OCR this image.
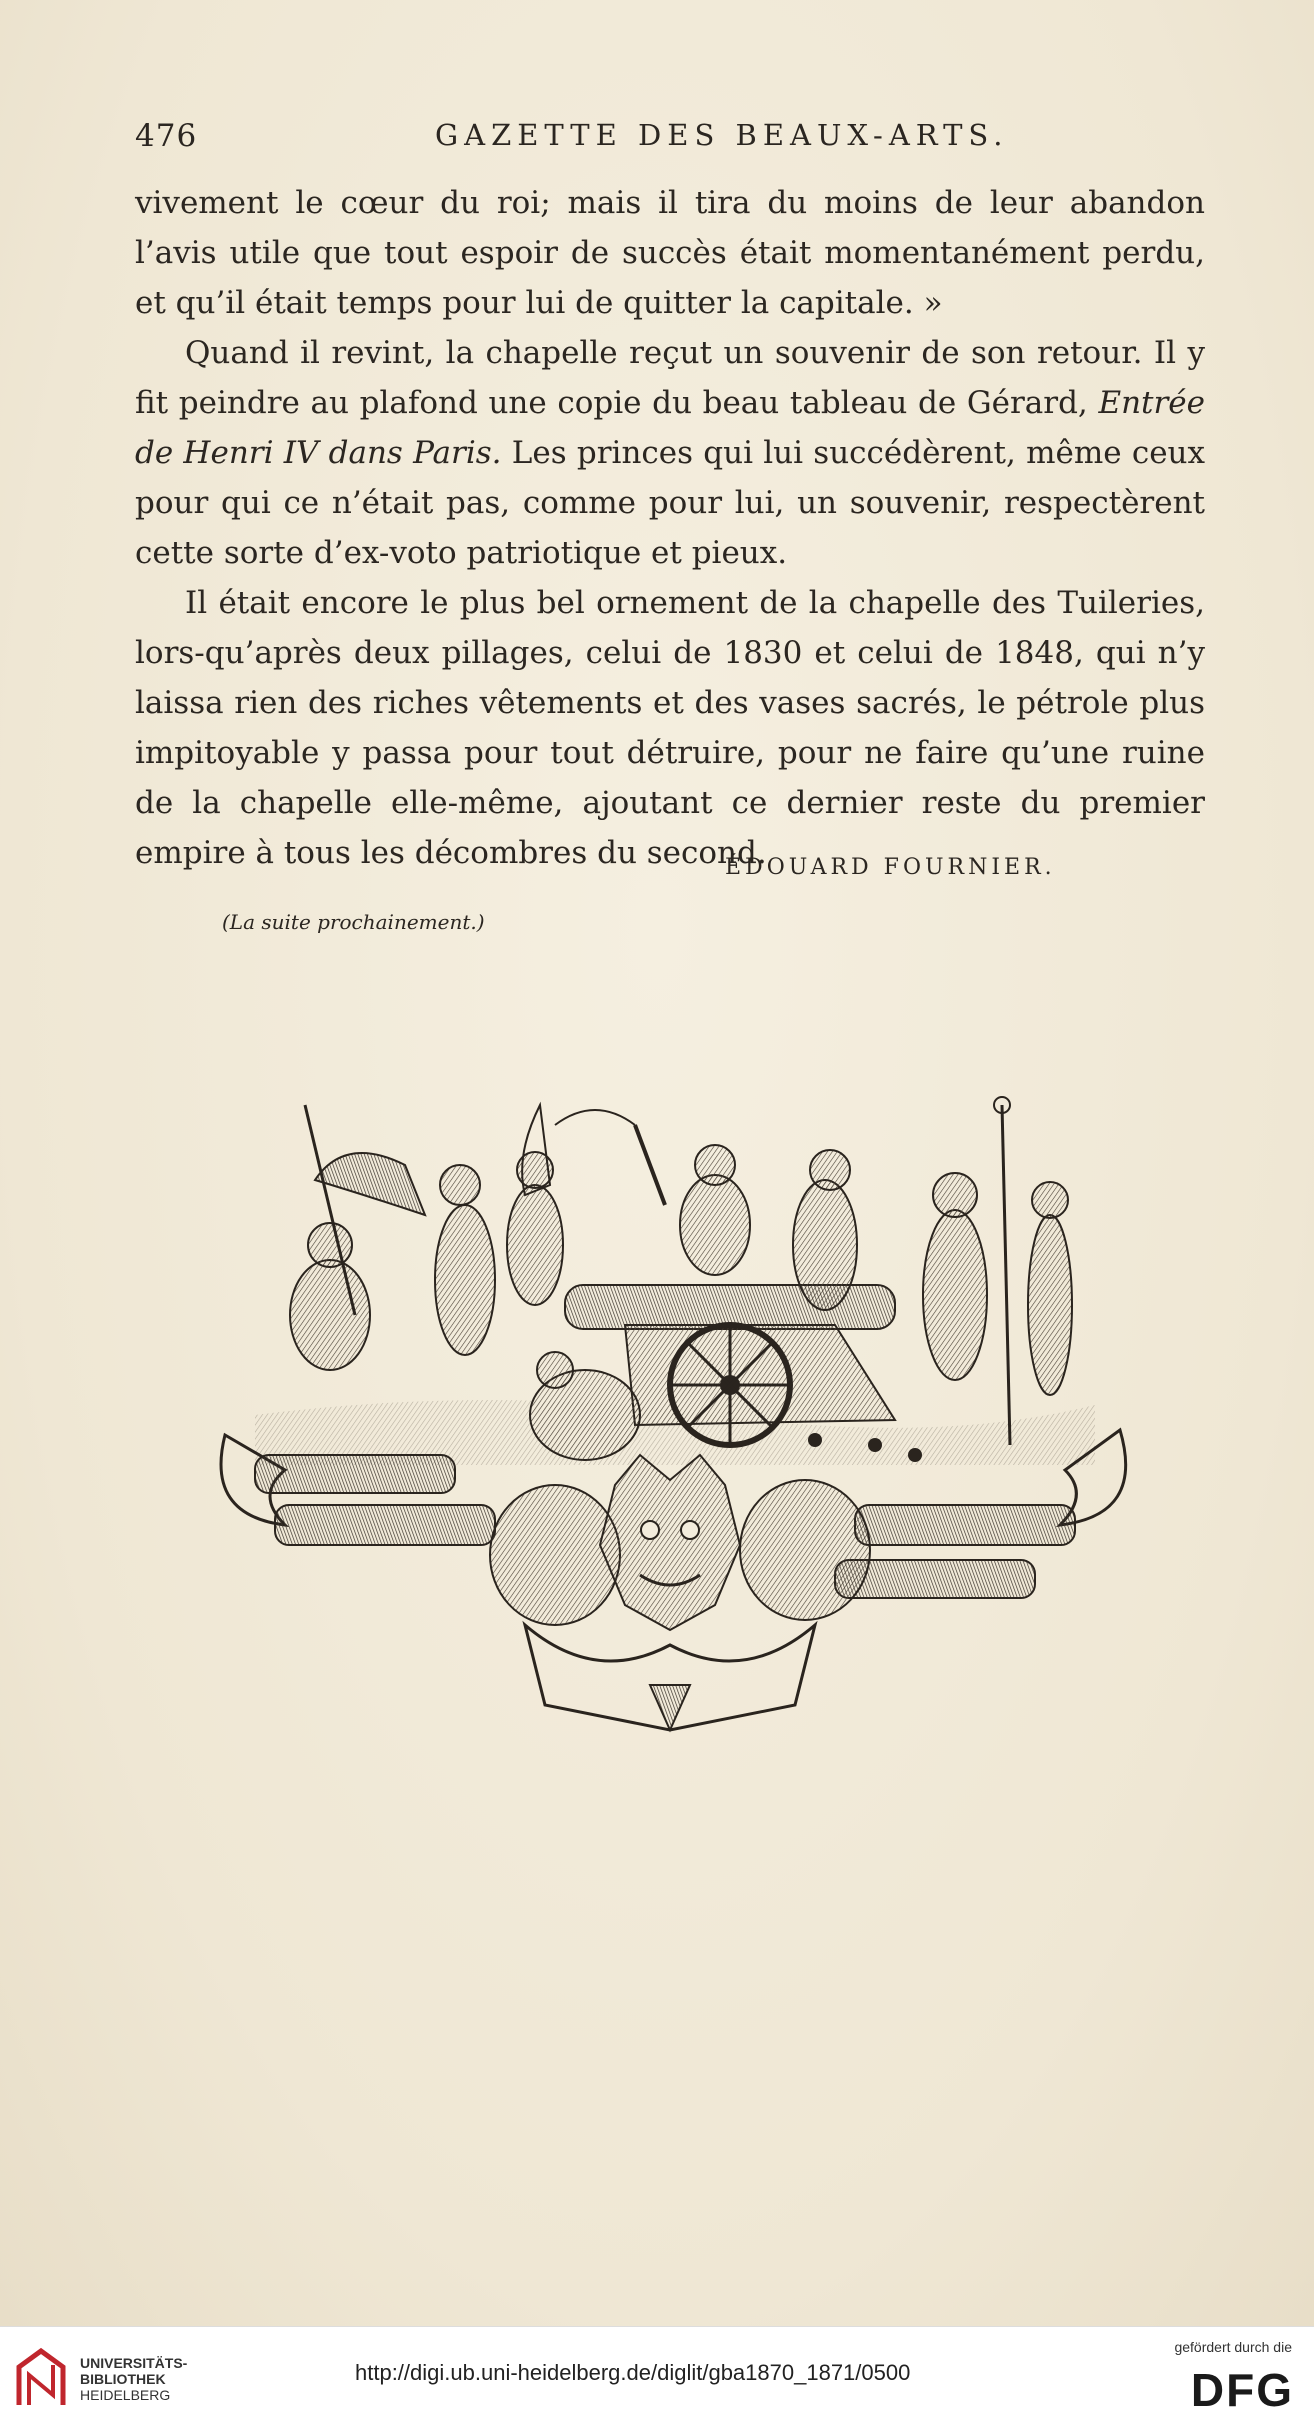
476	GAZETTE DES BEAUX-ARTS.

vivement le cœur du roi; mais il tira du moins de leur abandon l’avis utile que tout espoir de succès était momentanément perdu, et qu’il était temps pour lui de quitter la capitale. »

Quand il revint, la chapelle reçut un souvenir de son retour. Il y fit peindre au plafond une copie du beau tableau de Gérard, Entrée de Henri IV dans Paris. Les princes qui lui succédèrent, même ceux pour qui ce n’était pas, comme pour lui, un souvenir, respectèrent cette sorte d’ex-voto patriotique et pieux.

Il était encore le plus bel ornement de la chapelle des Tuileries, lors-qu’après deux pillages, celui de 1830 et celui de 1848, qui n’y laissa rien des riches vêtements et des vases sacrés, le pétrole plus impitoyable y passa pour tout détruire, pour ne faire qu’une ruine de la chapelle elle-même, ajoutant ce dernier reste du premier empire à tous les décombres du second.

ÉDOUARD FOURNIER.
(La suite prochainement.)
UNIVERSITÄTS-
BIBLIOTHEK
HEIDELBERG
http://digi.ub.uni-heidelberg.de/diglit/gba1870_1871/0500
gefördert durch die
DFG
